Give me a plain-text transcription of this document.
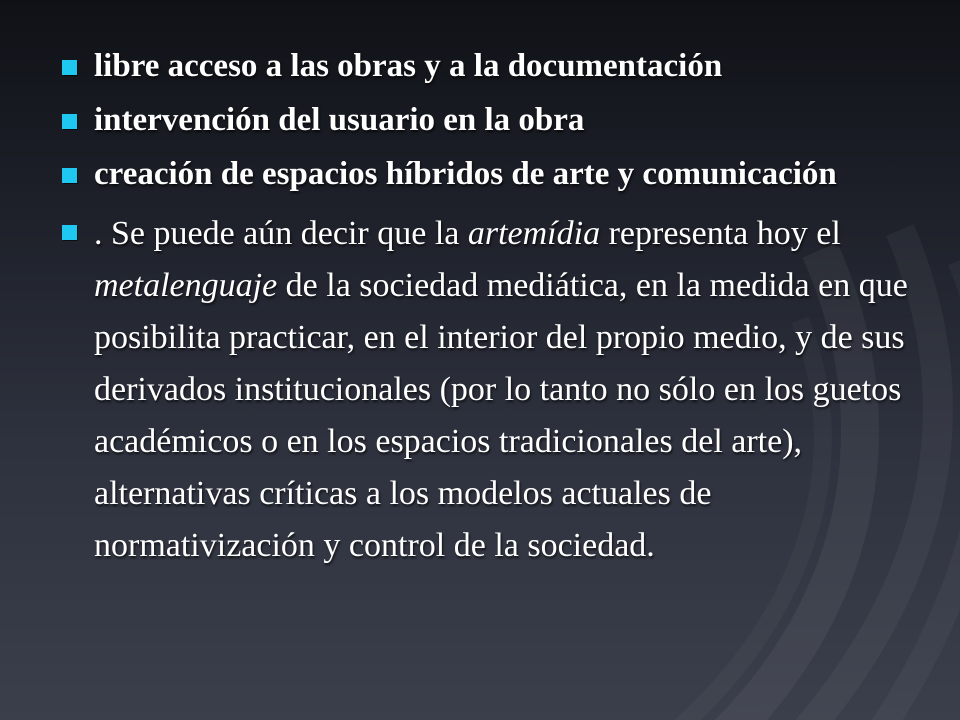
libre acceso a las obras y a la documentación
intervención del usuario en la obra
creación de espacios híbridos de arte y comunicación
. Se puede aún decir que la artemídia representa hoy el metalenguaje de la sociedad mediática, en la medida en que posibilita practicar, en el interior del propio medio, y de sus derivados institucionales (por lo tanto no sólo en los guetos académicos o en los espacios tradicionales del arte), alternativas críticas a los modelos actuales de normativización y control de la sociedad.
